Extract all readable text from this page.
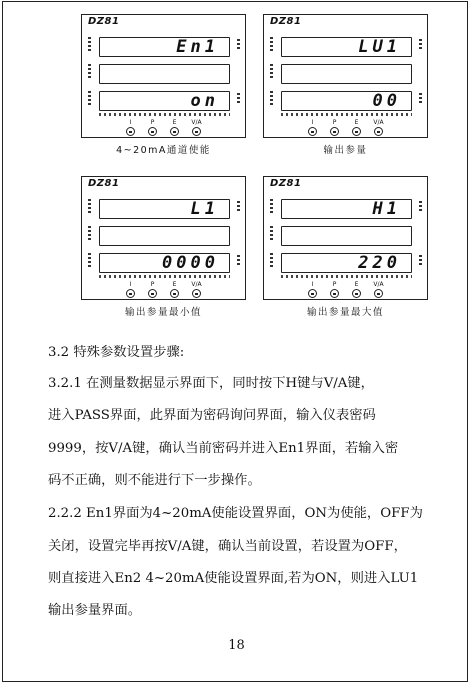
DZ81
En1
on
I	P	E	V/A
4~20mA通道使能
DZ81
LU1
00
I	P	E	V/A
输出参量
DZ81
L1
0000
I	P	E	V/A
输出参量最小值
DZ81
H1
220
I	P	E	V/A
输出参量最大值
3.2 特殊参数设置步骤:
3.2.1 在测量数据显示界面下，同时按下H键与V/A键，
进入PASS界面，此界面为密码询问界面，输入仪表密码
9999，按V/A键，确认当前密码并进入En1界面，若输入密
码不正确，则不能进行下一步操作。
2.2.2 En1界面为4~20mA使能设置界面，ON为使能，OFF为
关闭，设置完毕再按V/A键，确认当前设置，若设置为OFF，
则直接进入En2 4~20mA使能设置界面,若为ON，则进入LU1
输出参量界面。
18
